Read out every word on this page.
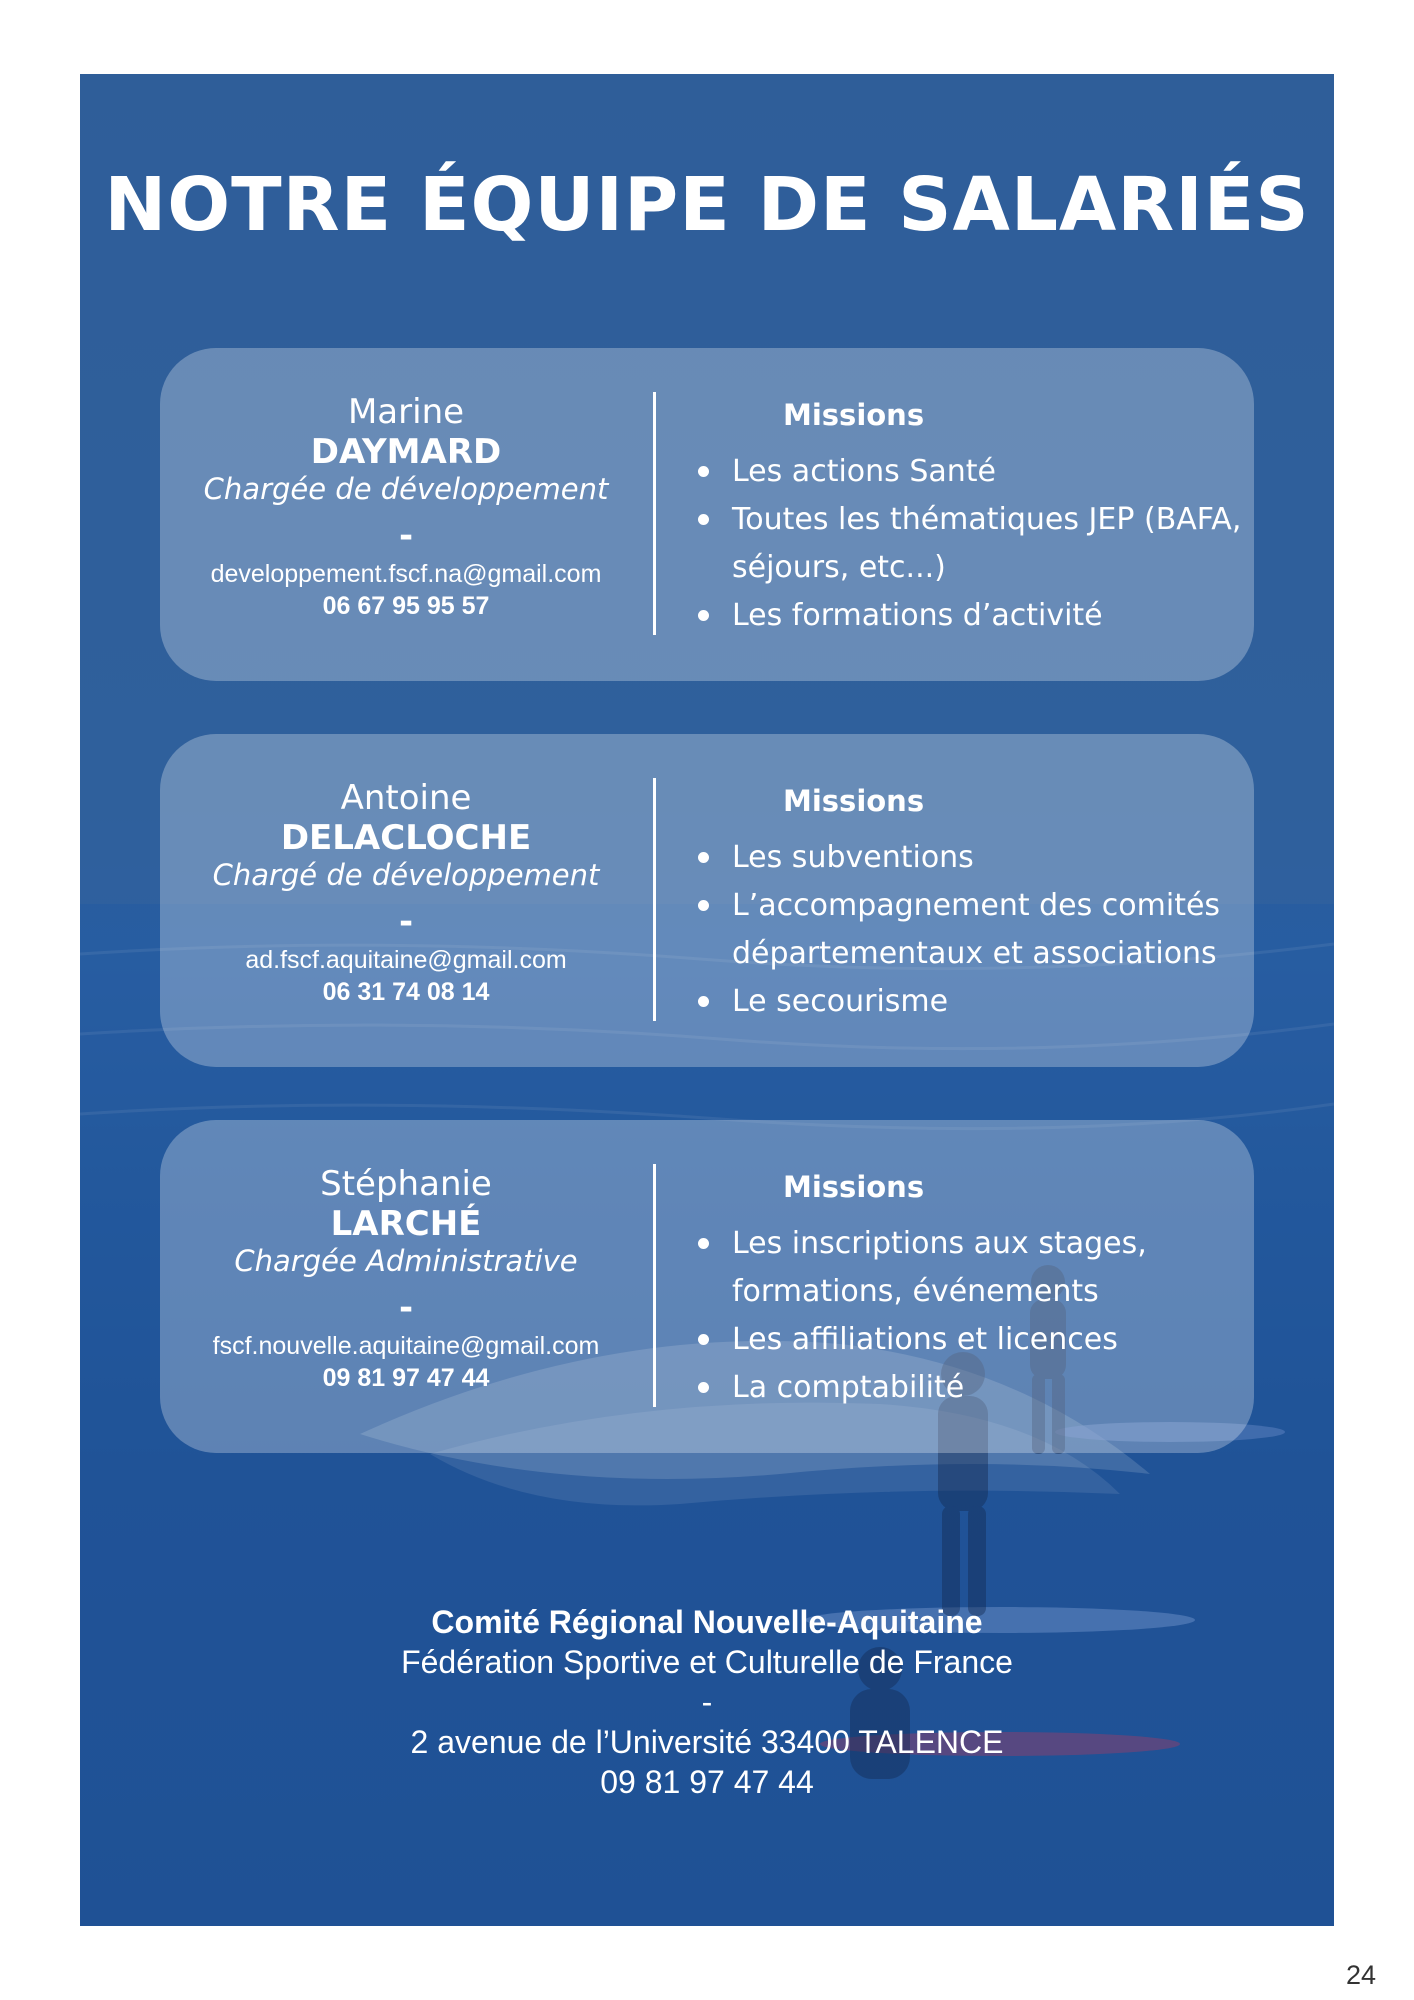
NOTRE ÉQUIPE DE SALARIÉS
Marine
DAYMARD
Chargée de développement
-
developpement.fscf.na@gmail.com
06 67 95 95 57
Missions
Les actions Santé
Toutes les thématiques JEP (BAFA, séjours, etc...)
Les formations d’activité
Antoine
DELACLOCHE
Chargé de développement
-
ad.fscf.aquitaine@gmail.com
06 31 74 08 14
Missions
Les subventions
L’accompagnement des comités départementaux et associations
Le secourisme
Stéphanie
LARCHÉ
Chargée Administrative
-
fscf.nouvelle.aquitaine@gmail.com
09 81 97 47 44
Missions
Les inscriptions aux stages, formations, événements
Les affiliations et licences
La comptabilité
Comité Régional Nouvelle-Aquitaine
Fédération Sportive et Culturelle de France
-
2 avenue de l’Université 33400 TALENCE
09 81 97 47 44
24
